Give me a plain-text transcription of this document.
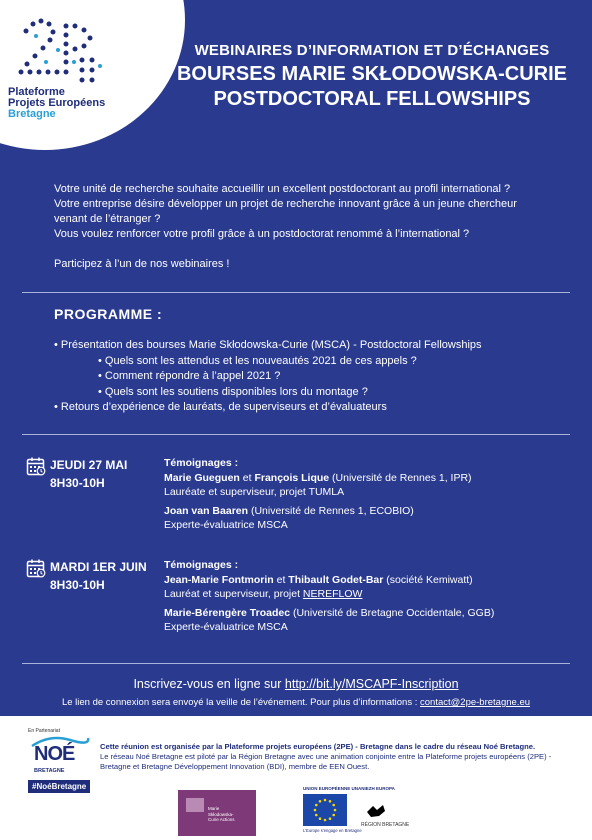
Plateforme
Projets Européens
Bretagne
WEBINAIRES D’INFORMATION ET D’ÉCHANGES
BOURSES MARIE SKŁODOWSKA-CURIE
POSTDOCTORAL FELLOWSHIPS

Votre unité de recherche souhaite accueillir un excellent postdoctorant au profil international ?

Votre entreprise désire développer un projet de recherche innovant grâce à un jeune chercheur venant de l’étranger ?

Vous voulez renforcer votre profil grâce à un postdoctorat renommé à l’international ?

Participez à l’un de nos webinaires !

PROGRAMME :
• Présentation des bourses Marie Skłodowska-Curie (MSCA) - Postdoctoral Fellowships
• Quels sont les attendus et les nouveautés 2021 de ces appels ?
• Comment répondre à l’appel 2021 ?
• Quels sont les soutiens disponibles lors du montage ?
• Retours d’expérience de lauréats, de superviseurs et d’évaluateurs
JEUDI 27 MAI
8H30-10H
Témoignages :
Marie Gueguen et François Lique (Université de Rennes 1, IPR)
Lauréate et superviseur, projet TUMLA
Joan van Baaren (Université de Rennes 1, ECOBIO)
Experte-évaluatrice MSCA
MARDI 1ER JUIN
8H30-10H
Témoignages :
Jean-Marie Fontmorin et Thibault Godet-Bar (société Kemiwatt)
Lauréat et superviseur, projet NEREFLOW
Marie-Bérengère Troadec (Université de Bretagne Occidentale, GGB)
Experte-évaluatrice MSCA
Inscrivez-vous en ligne sur http://bit.ly/MSCAPF-Inscription
Le lien de connexion sera envoyé la veille de l’événement. Pour plus d’informations : contact@2pe-bretagne.eu
En Partenariat
NOÉ
BRETAGNE
#NoéBretagne
Cette réunion est organisée par la Plateforme projets européens (2PE) - Bretagne dans le cadre du réseau Noé Bretagne.
Le réseau Noé Bretagne est piloté par la Région Bretagne avec une animation conjointe entre la Plateforme projets européens (2PE) - Bretagne et Bretagne Développement Innovation (BDI), membre de EEN Ouest.
Marie
Skłodowska-
Curie Actions
UNION EUROPÉENNE UNANIEZH EUROPA
L’Europe s’engage en Bretagne
RÉGION BRETAGNE
